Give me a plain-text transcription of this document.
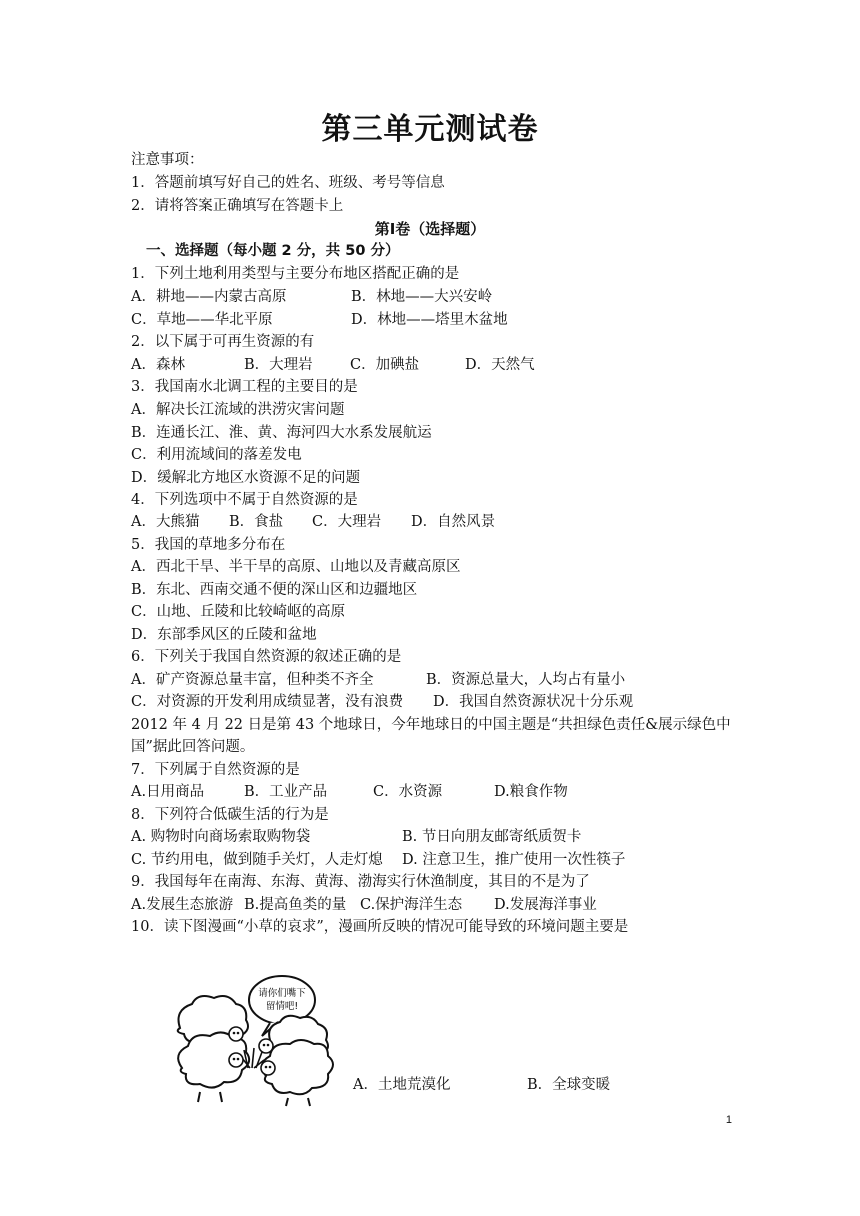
第三单元测试卷
注意事项：
1．答题前填写好自己的姓名、班级、考号等信息
2．请将答案正确填写在答题卡上
第Ⅰ卷（选择题）
一、选择题（每小题 2 分，共 50 分）
1．下列土地利用类型与主要分布地区搭配正确的是
A．耕地——内蒙古高原	B．林地——大兴安岭
C．草地——华北平原	D．林地——塔里木盆地
2．以下属于可再生资源的有
A．森林	B．大理岩	C．加碘盐	D．天然气
3．我国南水北调工程的主要目的是
A．解决长江流域的洪涝灾害问题
B．连通长江、淮、黄、海河四大水系发展航运
C．利用流域间的落差发电
D．缓解北方地区水资源不足的问题
4．下列选项中不属于自然资源的是
A．大熊猫 B．食盐 C．大理岩 D．自然风景
5．我国的草地多分布在
A．西北干旱、半干旱的高原、山地以及青藏高原区
B．东北、西南交通不便的深山区和边疆地区
C．山地、丘陵和比较崎岖的高原
D．东部季风区的丘陵和盆地
6．下列关于我国自然资源的叙述正确的是
A．矿产资源总量丰富，但种类不齐全	B．资源总量大，人均占有量小
C．对资源的开发利用成绩显著，没有浪费 D．我国自然资源状况十分乐观
2012 年 4 月 22 日是第 43 个地球日，今年地球日的中国主题是“共担绿色责任&展示绿色中
国”据此回答问题。
7．下列属于自然资源的是
A.日用商品	B．工业产品	C．水资源	D.粮食作物
8．下列符合低碳生活的行为是
A. 购物时向商场索取购物袋	B. 节日向朋友邮寄纸质贺卡
C. 节约用电，做到随手关灯，人走灯熄 D. 注意卫生，推广使用一次性筷子
9．我国每年在南海、东海、黄海、渤海实行休渔制度，其目的不是为了
A.发展生态旅游 B.提高鱼类的量 C.保护海洋生态 D.发展海洋事业
10．读下图漫画“小草的哀求”，漫画所反映的情况可能导致的环境问题主要是
请你们嘴下
留情吧!
A．土地荒漠化	B．全球变暖
1
